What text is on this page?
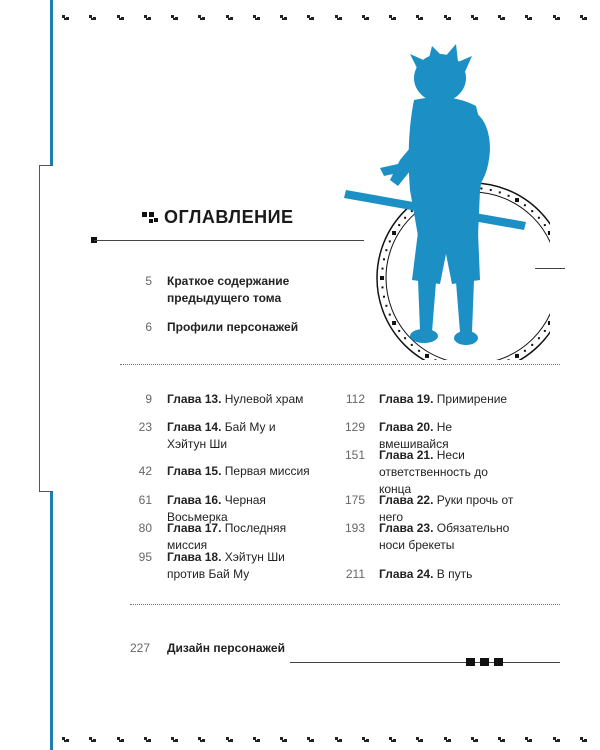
ОГЛАВЛЕНИЕ
5 Краткое содержание предыдущего тома
6 Профили персонажей
9 Глава 13. Нулевой храм
23 Глава 14. Бай Му и Хэйтун Ши
42 Глава 15. Первая миссия
61 Глава 16. Черная Восьмерка
80 Глава 17. Последняя миссия
95 Глава 18. Хэйтун Ши против Бай Му
112 Глава 19. Примирение
129 Глава 20. Не вмешивайся
151 Глава 21. Неси ответственность до конца
175 Глава 22. Руки прочь от него
193 Глава 23. Обязательно носи брекеты
211 Глава 24. В путь
227 Дизайн персонажей
